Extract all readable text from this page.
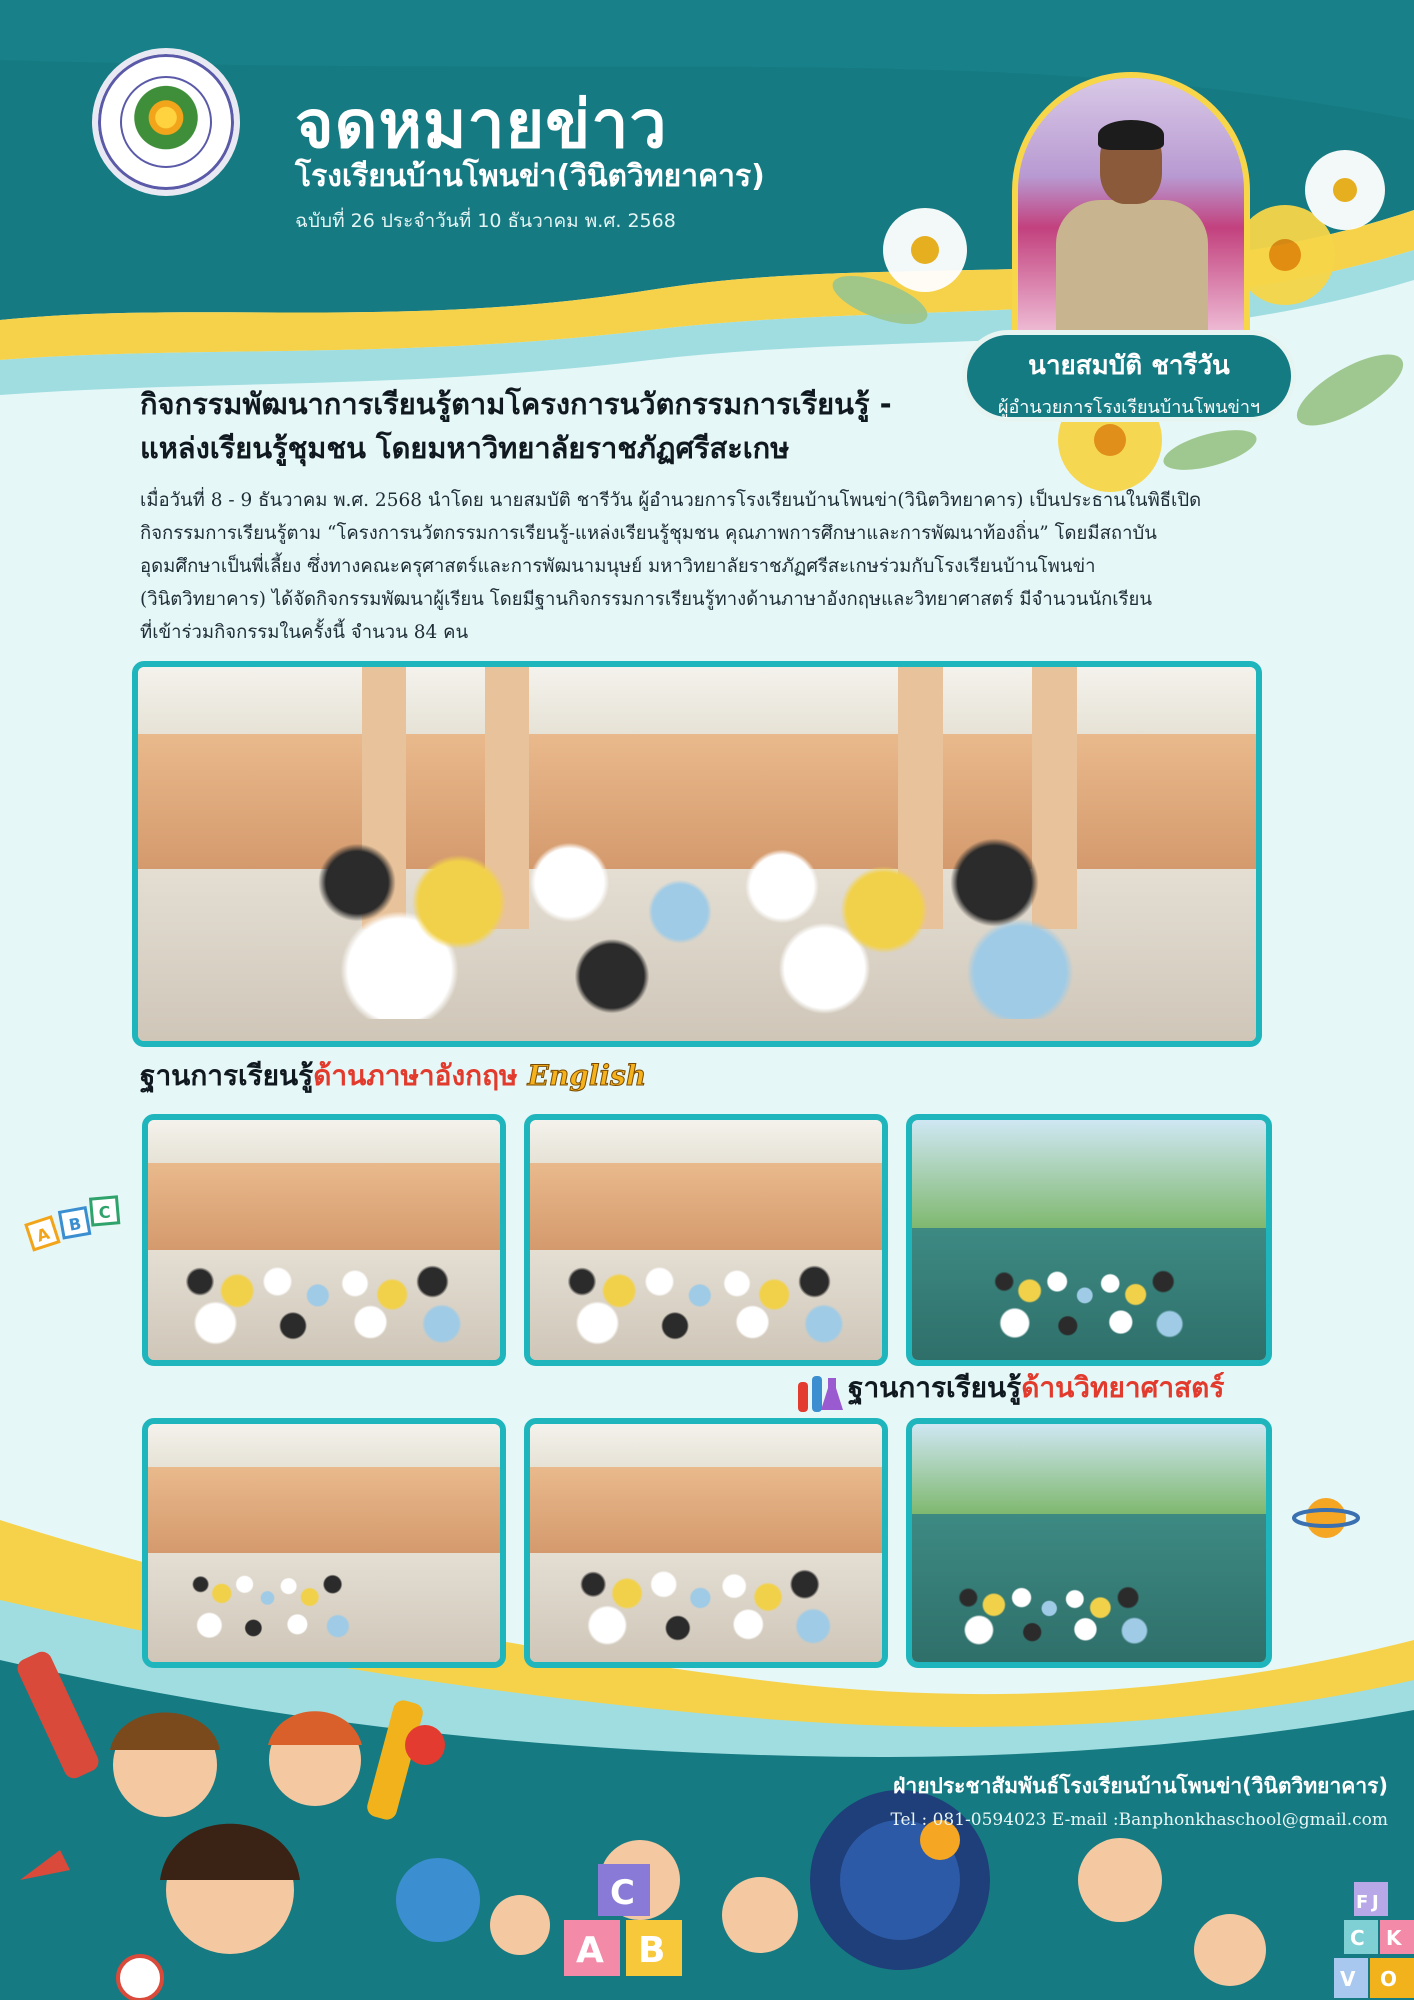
จดหมายข่าว
โรงเรียนบ้านโพนข่า(วินิตวิทยาคาร)
ฉบับที่ 26 ประจำวันที่ 10 ธันวาคม พ.ศ. 2568
นายสมบัติ ชารีวัน
ผู้อำนวยการโรงเรียนบ้านโพนข่าฯ
กิจกรรมพัฒนาการเรียนรู้ตามโครงการนวัตกรรมการเรียนรู้ -
แหล่งเรียนรู้ชุมชน โดยมหาวิทยาลัยราชภัฏศรีสะเกษ
เมื่อวันที่ 8 - 9 ธันวาคม พ.ศ. 2568 นำโดย นายสมบัติ ชารีวัน ผู้อำนวยการโรงเรียนบ้านโพนข่า(วินิตวิทยาคาร) เป็นประธานในพิธีเปิด
กิจกรรมการเรียนรู้ตาม “โครงการนวัตกรรมการเรียนรู้-แหล่งเรียนรู้ชุมชน คุณภาพการศึกษาและการพัฒนาท้องถิ่น” โดยมีสถาบัน
อุดมศึกษาเป็นพี่เลี้ยง ซึ่งทางคณะครุศาสตร์และการพัฒนามนุษย์ มหาวิทยาลัยราชภัฏศรีสะเกษร่วมกับโรงเรียนบ้านโพนข่า
(วินิตวิทยาคาร) ได้จัดกิจกรรมพัฒนาผู้เรียน โดยมีฐานกิจกรรมการเรียนรู้ทางด้านภาษาอังกฤษและวิทยาศาสตร์ มีจำนวนนักเรียน
ที่เข้าร่วมกิจกรรมในครั้งนี้ จำนวน 84 คน
ฐานการเรียนรู้ด้านภาษาอังกฤษ English
A B
C
ฐานการเรียนรู้ด้านวิทยาศาสตร์
ฝ่ายประชาสัมพันธ์โรงเรียนบ้านโพนข่า(วินิตวิทยาคาร)
Tel : 081-0594023 E-mail :Banphonkhaschool@gmail.com
C
A B
F J
C K
V O
